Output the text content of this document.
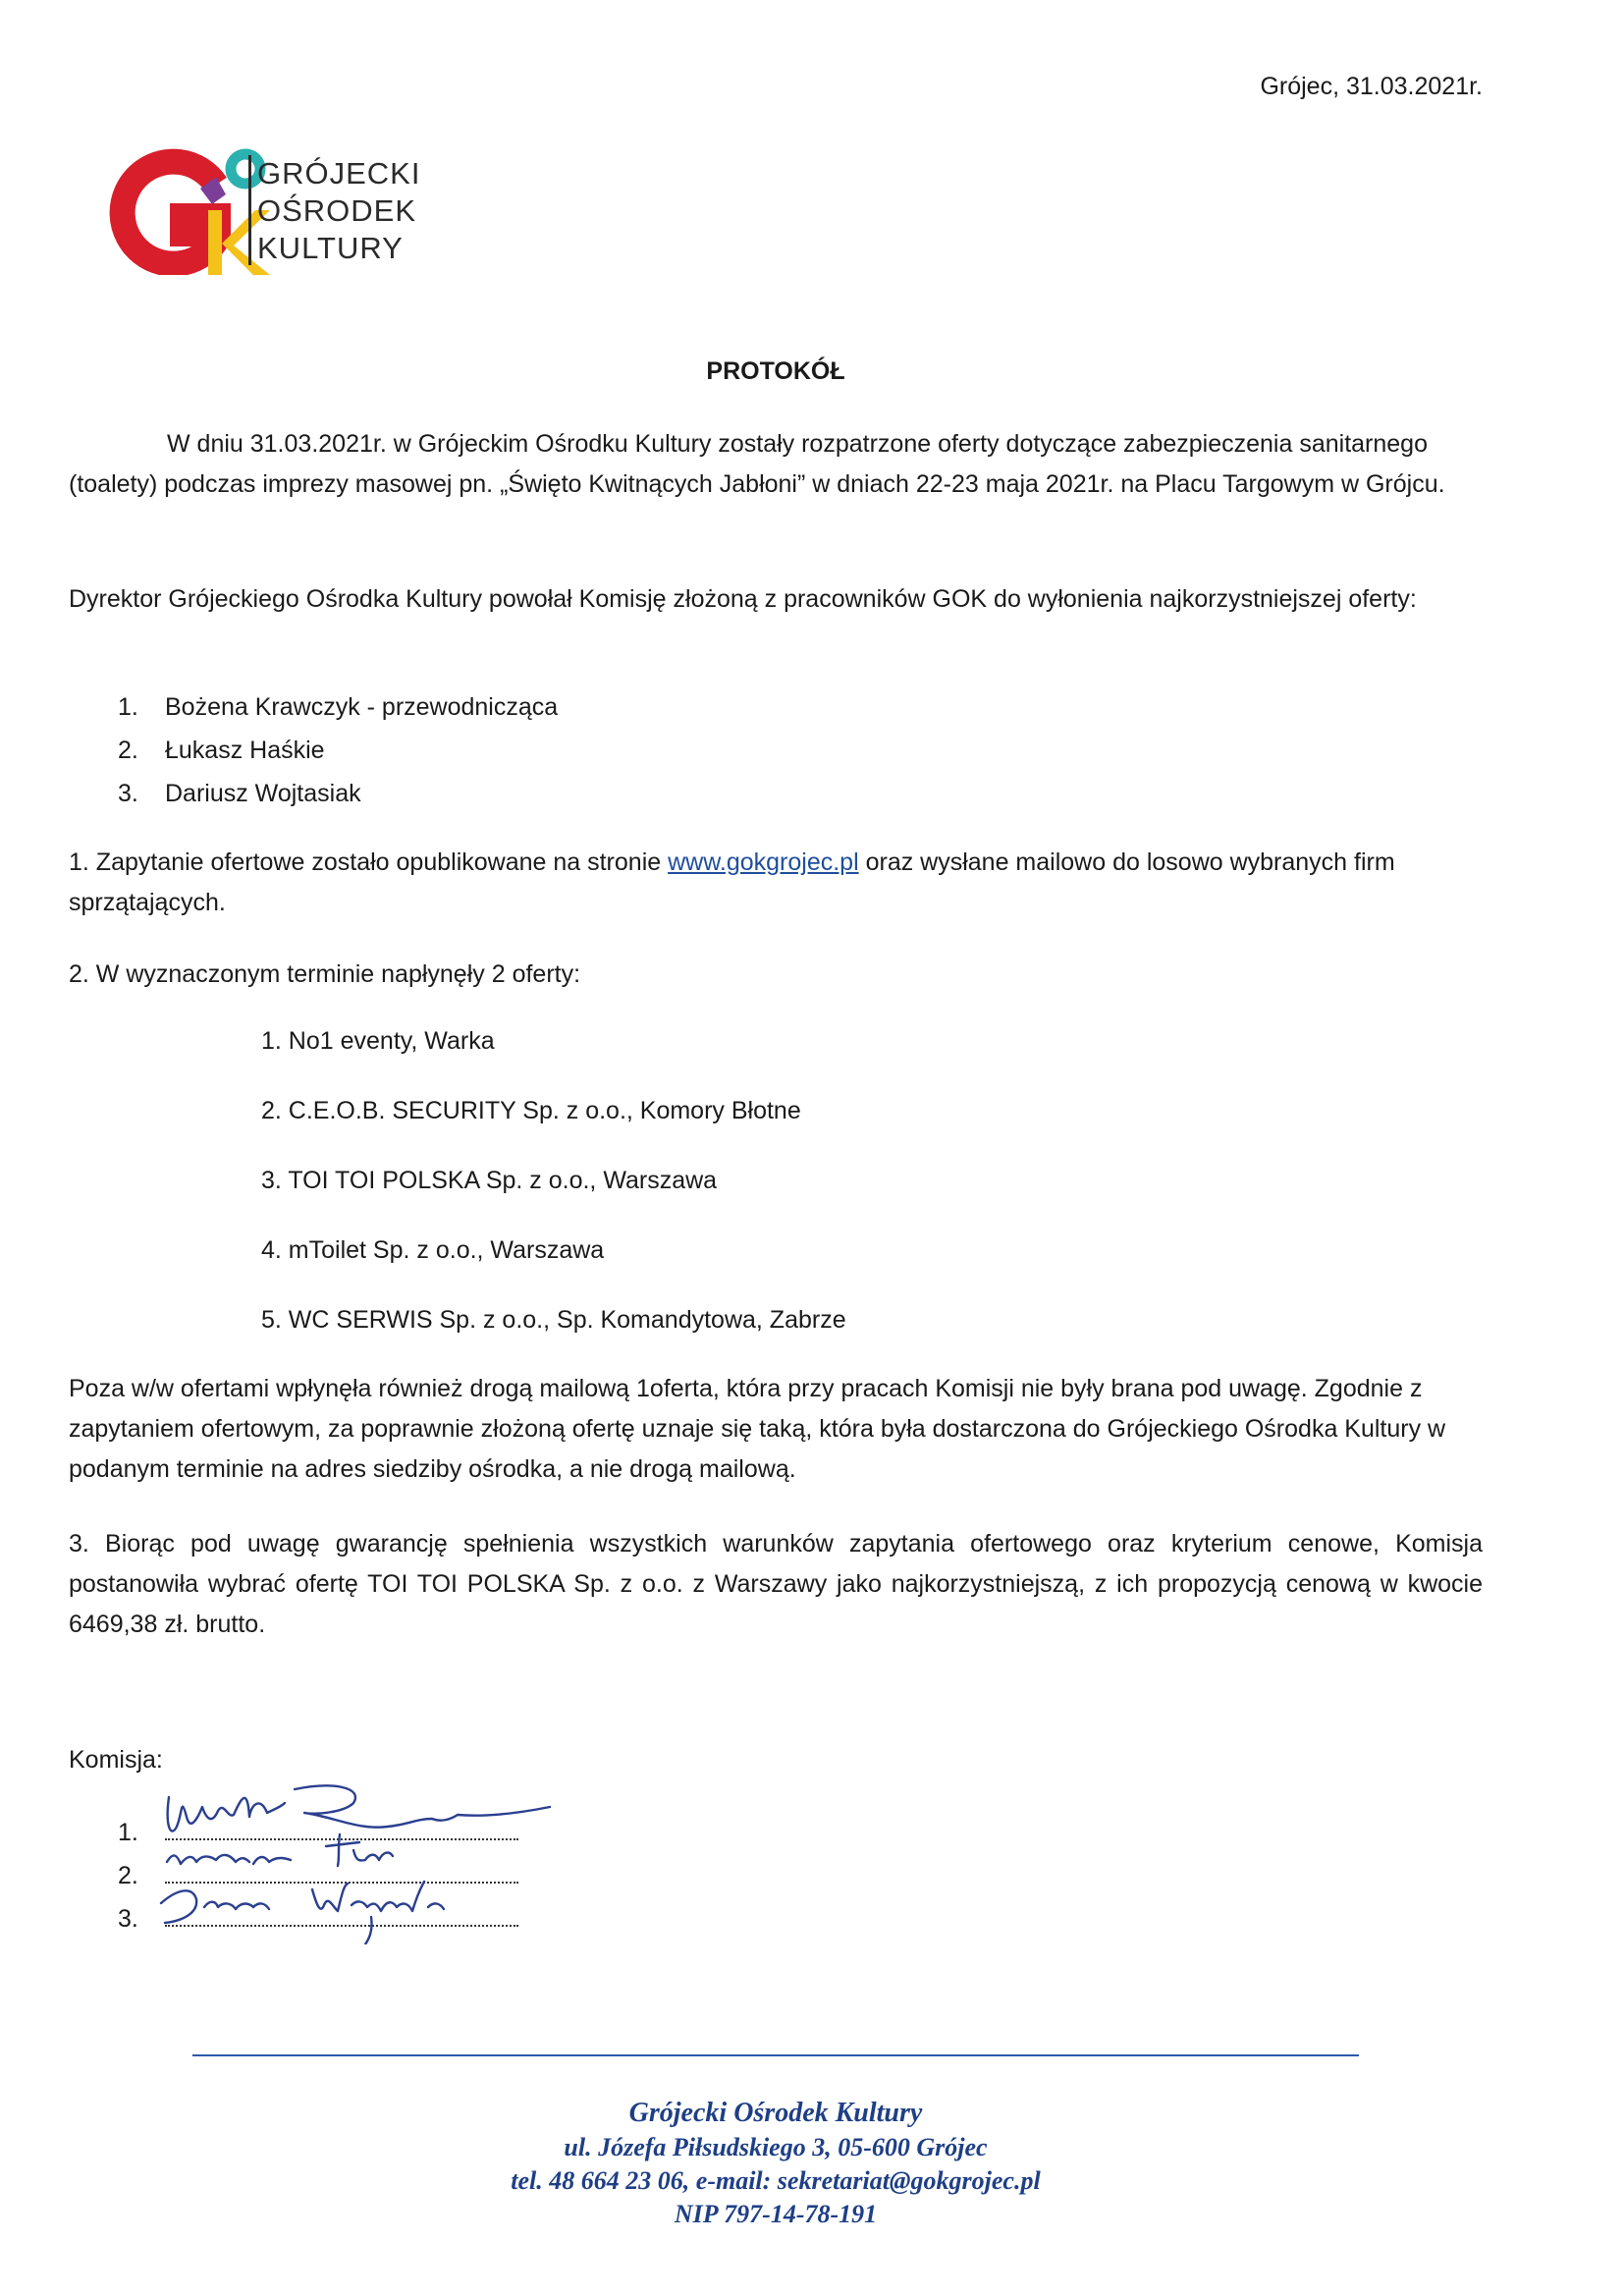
Grójec, 31.03.2021r.
GRÓJECKI
OŚRODEK
KULTURY
PROTOKÓŁ
W dniu 31.03.2021r. w Grójeckim Ośrodku Kultury zostały rozpatrzone oferty dotyczące zabezpieczenia sanitarnego (toalety) podczas imprezy masowej pn. „Święto Kwitnących Jabłoni” w dniach 22-23 maja 2021r. na Placu Targowym w Grójcu.
Dyrektor Grójeckiego Ośrodka Kultury powołał Komisję złożoną z pracowników GOK do wyłonienia najkorzystniejszej oferty:
1. Bożena Krawczyk - przewodnicząca
2. Łukasz Haśkie
3. Dariusz Wojtasiak
1. Zapytanie ofertowe zostało opublikowane na stronie www.gokgrojec.pl oraz wysłane mailowo do losowo wybranych firm sprzątających.
2. W wyznaczonym terminie napłynęły 2 oferty:
1. No1 eventy, Warka
2. C.E.O.B. SECURITY Sp. z o.o., Komory Błotne
3. TOI TOI POLSKA Sp. z o.o., Warszawa
4. mToilet Sp. z o.o., Warszawa
5. WC SERWIS Sp. z o.o., Sp. Komandytowa, Zabrze
Poza w/w ofertami wpłynęła również drogą mailową 1oferta, która przy pracach Komisji nie były brana pod uwagę. Zgodnie z zapytaniem ofertowym, za poprawnie złożoną ofertę uznaje się taką, która była dostarczona do Grójeckiego Ośrodka Kultury w podanym terminie na adres siedziby ośrodka, a nie drogą mailową.
3. Biorąc pod uwagę gwarancję spełnienia wszystkich warunków zapytania ofertowego oraz kryterium cenowe, Komisja postanowiła wybrać ofertę TOI TOI POLSKA Sp. z o.o. z Warszawy jako najkorzystniejszą, z ich propozycją cenową w kwocie 6469,38 zł. brutto.
Komisja:
1.
2.
3.
Grójecki Ośrodek Kultury
ul. Józefa Piłsudskiego 3, 05-600 Grójec
tel. 48 664 23 06, e-mail: sekretariat@gokgrojec.pl
NIP 797-14-78-191
